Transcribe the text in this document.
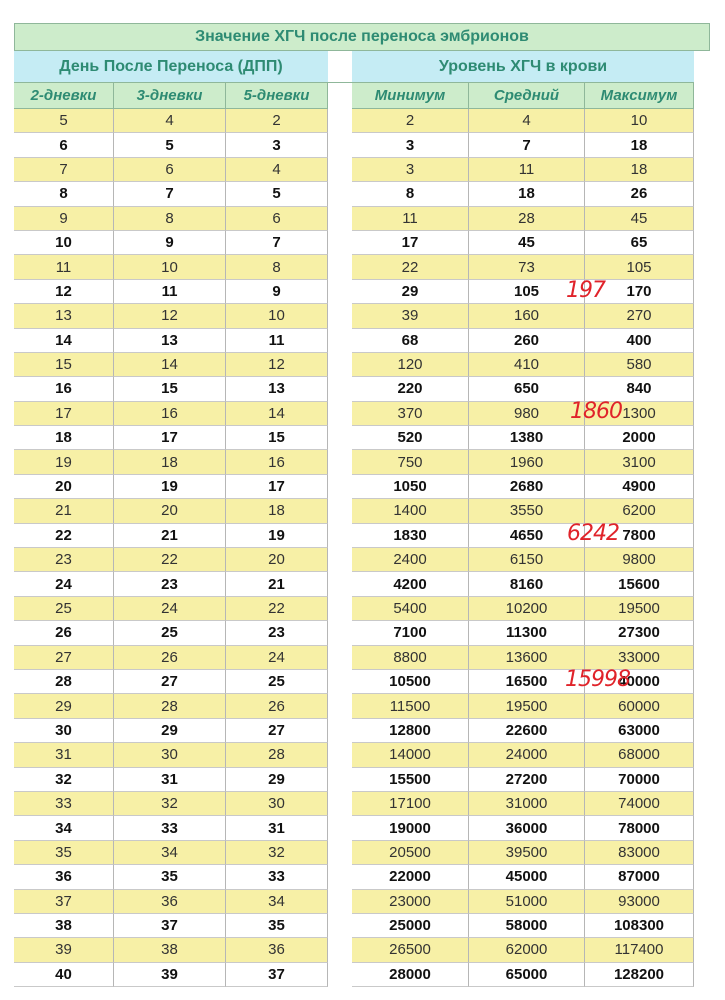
Значение ХГЧ после переноса эмбрионов
День После Переноса (ДПП)	Уровень ХГЧ в крови
2-дневки	3-дневки	5-дневки	Минимум	Средний	Максимум
5	4	2	2	4	10
6	5	3	3	7	18
7	6	4	3	11	18
8	7	5	8	18	26
9	8	6	11	28	45
10	9	7	17	45	65
11	10	8	22	73	105
12	11	9	29	105	170
13	12	10	39	160	270
14	13	11	68	260	400
15	14	12	120	410	580
16	15	13	220	650	840
17	16	14	370	980	1300
18	17	15	520	1380	2000
19	18	16	750	1960	3100
20	19	17	1050	2680	4900
21	20	18	1400	3550	6200
22	21	19	1830	4650	7800
23	22	20	2400	6150	9800
24	23	21	4200	8160	15600
25	24	22	5400	10200	19500
26	25	23	7100	11300	27300
27	26	24	8800	13600	33000
28	27	25	10500	16500	40000
29	28	26	11500	19500	60000
30	29	27	12800	22600	63000
31	30	28	14000	24000	68000
32	31	29	15500	27200	70000
33	32	30	17100	31000	74000
34	33	31	19000	36000	78000
35	34	32	20500	39500	83000
36	35	33	22000	45000	87000
37	36	34	23000	51000	93000
38	37	35	25000	58000	108300
39	38	36	26500	62000	117400
40	39	37	28000	65000	128200
197
1860
6242
15998
